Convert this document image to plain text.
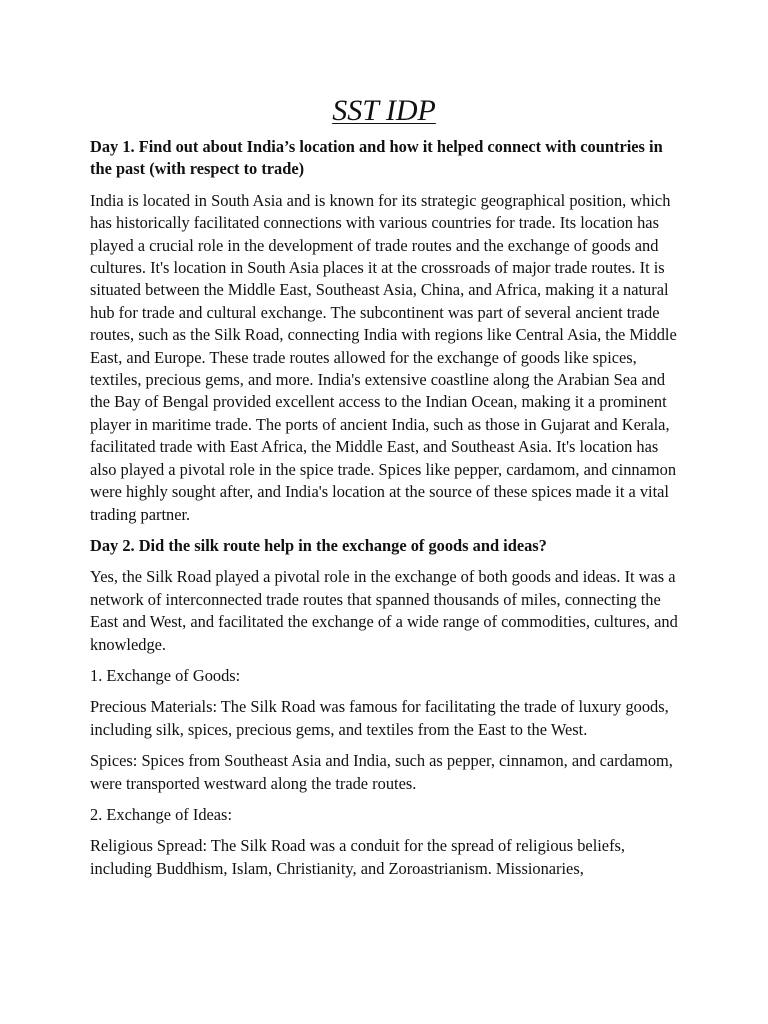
SST IDP

Day 1. Find out about India’s location and how it helped connect with countries in the past (with respect to trade)

India is located in South Asia and is known for its strategic geographical position, which has historically facilitated connections with various countries for trade. Its location has played a crucial role in the development of trade routes and the exchange of goods and cultures. It's location in South Asia places it at the crossroads of major trade routes. It is situated between the Middle East, Southeast Asia, China, and Africa, making it a natural hub for trade and cultural exchange. The subcontinent was part of several ancient trade routes, such as the Silk Road, connecting India with regions like Central Asia, the Middle East, and Europe. These trade routes allowed for the exchange of goods like spices, textiles, precious gems, and more. India's extensive coastline along the Arabian Sea and the Bay of Bengal provided excellent access to the Indian Ocean, making it a prominent player in maritime trade. The ports of ancient India, such as those in Gujarat and Kerala, facilitated trade with East Africa, the Middle East, and Southeast Asia. It's location has also played a pivotal role in the spice trade. Spices like pepper, cardamom, and cinnamon were highly sought after, and India's location at the source of these spices made it a vital trading partner.

Day 2. Did the silk route help in the exchange of goods and ideas?

Yes, the Silk Road played a pivotal role in the exchange of both goods and ideas. It was a network of interconnected trade routes that spanned thousands of miles, connecting the East and West, and facilitated the exchange of a wide range of commodities, cultures, and knowledge.

1. Exchange of Goods:

Precious Materials: The Silk Road was famous for facilitating the trade of luxury goods, including silk, spices, precious gems, and textiles from the East to the West.

Spices: Spices from Southeast Asia and India, such as pepper, cinnamon, and cardamom, were transported westward along the trade routes.

2. Exchange of Ideas:

Religious Spread: The Silk Road was a conduit for the spread of religious beliefs, including Buddhism, Islam, Christianity, and Zoroastrianism. Missionaries,
